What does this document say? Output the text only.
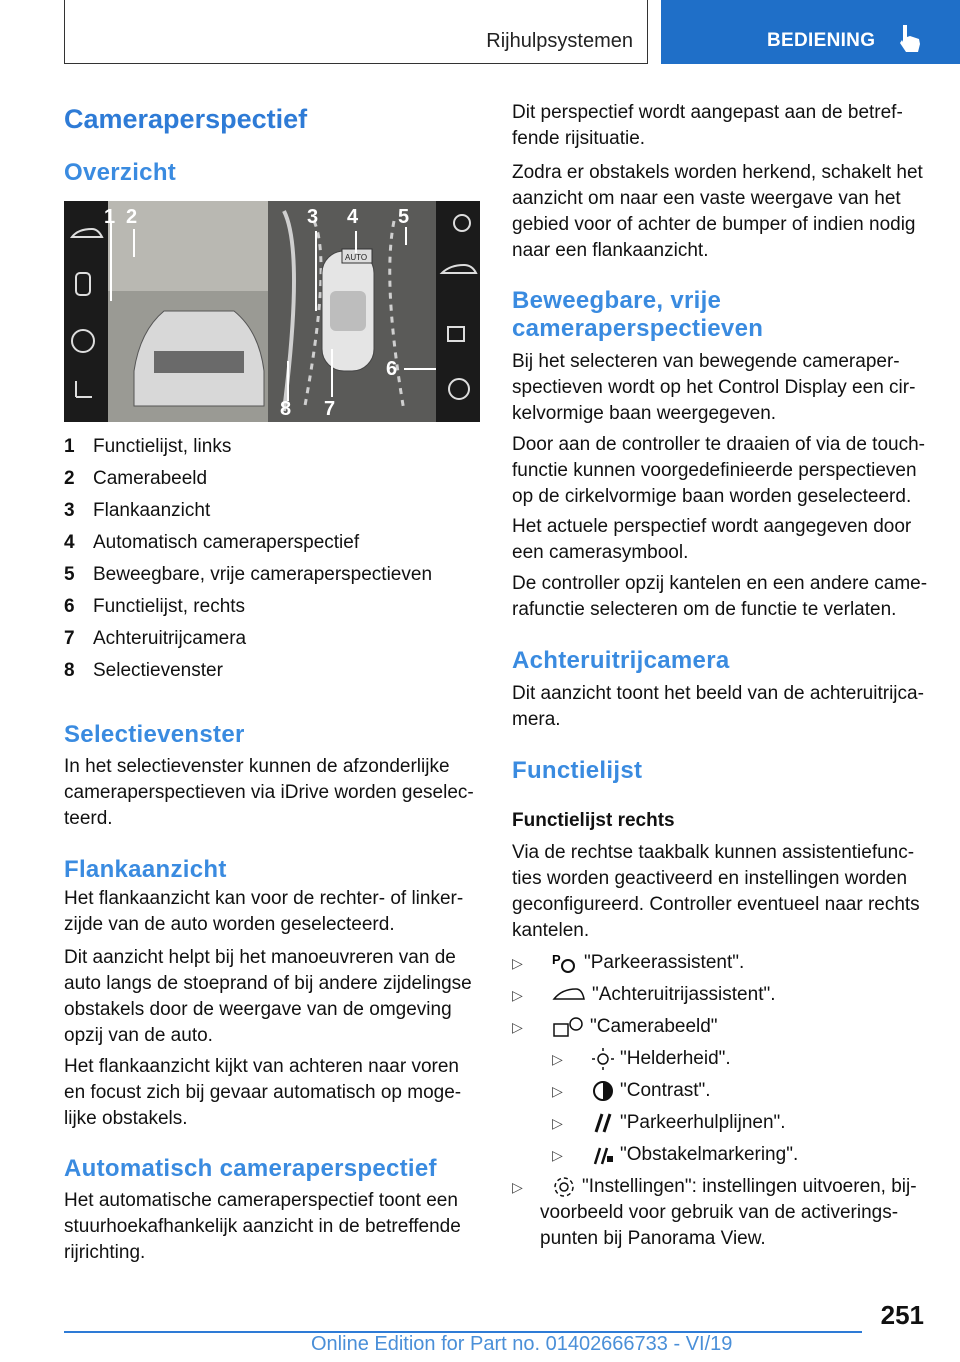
Rijhulpsystemen	BEDIENING
Cameraperspectief
Overzicht
AUTO
1 2	3 4 5
6
7
8
1 Functielijst, links
2 Camerabeeld
3 Flankaanzicht
4 Automatisch cameraperspectief
5 Beweegbare, vrije cameraperspectieven
6 Functielijst, rechts
7 Achteruitrijcamera
8 Selectievenster
Selectievenster
In het selectievenster kunnen de afzonderlijke
cameraperspectieven via iDrive worden geselec-
teerd.
Flankaanzicht
Het flankaanzicht kan voor de rechter- of linker-
zijde van de auto worden geselecteerd.
Dit aanzicht helpt bij het manoeuvreren van de
auto langs de stoeprand of bij andere zijdelingse
obstakels door de weergave van de omgeving
opzij van de auto.
Het flankaanzicht kijkt van achteren naar voren
en focust zich bij gevaar automatisch op moge-
lijke obstakels.
Automatisch cameraperspectief
Het automatische cameraperspectief toont een
stuurhoekafhankelijk aanzicht in de betreffende
rijrichting.
Dit perspectief wordt aangepast aan de betref-
fende rijsituatie.
Zodra er obstakels worden herkend, schakelt het
aanzicht om naar een vaste weergave van het
gebied voor of achter de bumper of indien nodig
naar een flankaanzicht.
Beweegbare, vrije
cameraperspectieven
Bij het selecteren van bewegende cameraper-
spectieven wordt op het Control Display een cir-
kelvormige baan weergegeven.
Door aan de controller te draaien of via de touch-
functie kunnen voorgedefinieerde perspectieven
op de cirkelvormige baan worden geselecteerd.
Het actuele perspectief wordt aangegeven door
een camerasymbool.
De controller opzij kantelen en een andere came-
rafunctie selecteren om de functie te verlaten.
Achteruitrijcamera
Dit aanzicht toont het beeld van de achteruitrijca-
mera.
Functielijst
Functielijst rechts
Via de rechtse taakbalk kunnen assistentiefunc-
ties worden geactiveerd en instellingen worden
geconfigureerd. Controller eventueel naar rechts
kantelen.
▷ P "Parkeerassistent".
▷	"Achteruitrijassistent".
▷	"Camerabeeld"
▷	"Helderheid".
▷	"Contrast".
▷	"Parkeerhulplijnen".
▷	"Obstakelmarkering".
▷	"Instellingen": instellingen uitvoeren, bij-
voorbeeld voor gebruik van de activerings-
punten bij Panorama View.
251
Online Edition for Part no. 01402666733 - VI/19
